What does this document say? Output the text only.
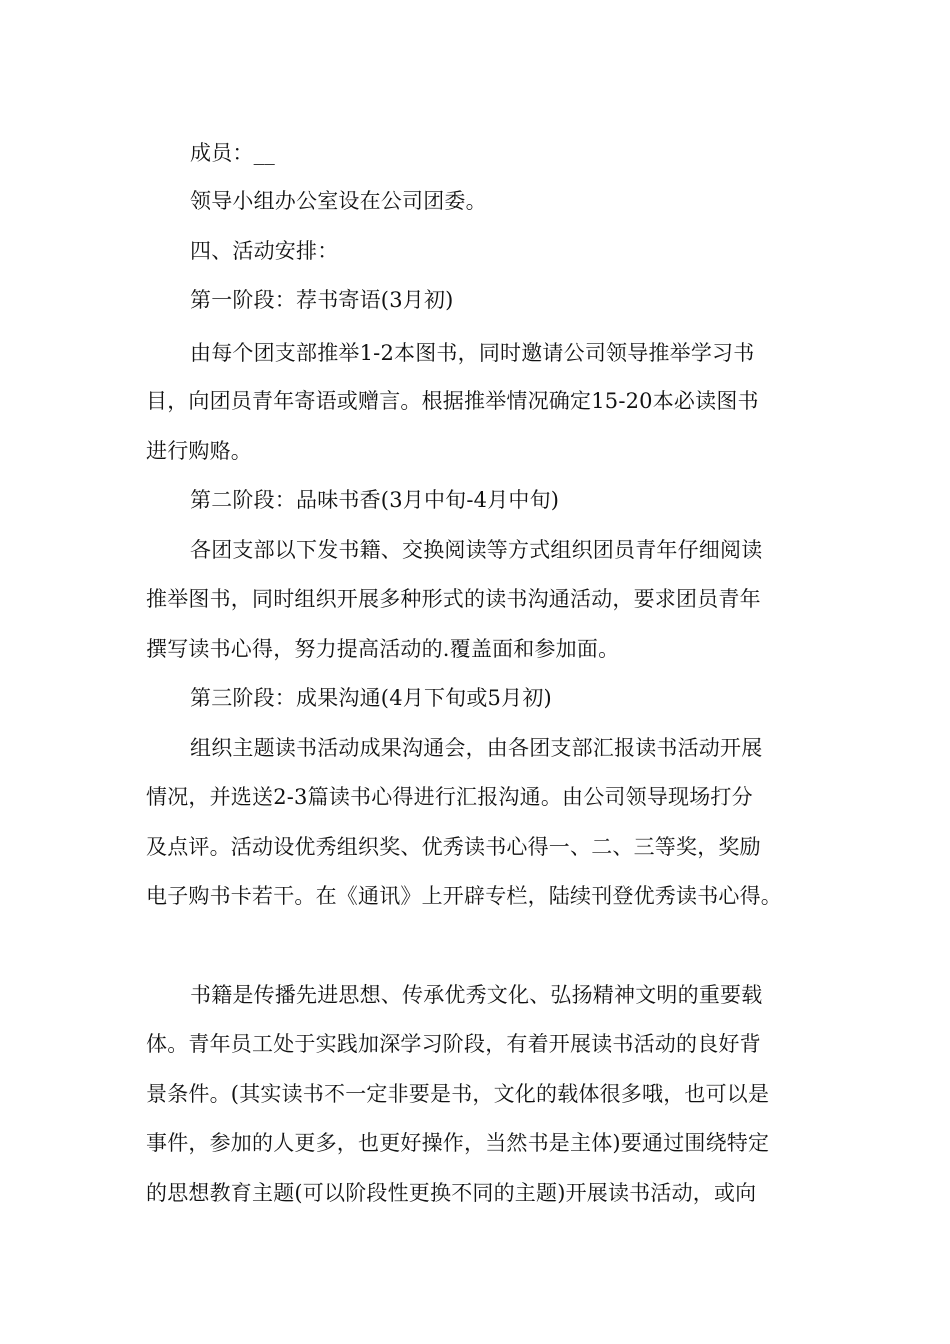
成员：__
领导小组办公室设在公司团委。
四、活动安排：
第一阶段：荐书寄语(3月初)
由每个团支部推举1-2本图书，同时邀请公司领导推举学习书
目，向团员青年寄语或赠言。根据推举情况确定15-20本必读图书
进行购赂。
第二阶段：品味书香(3月中旬-4月中旬)
各团支部以下发书籍、交换阅读等方式组织团员青年仔细阅读
推举图书，同时组织开展多种形式的读书沟通活动，要求团员青年
撰写读书心得，努力提高活动的.覆盖面和参加面。
第三阶段：成果沟通(4月下旬或5月初)
组织主题读书活动成果沟通会，由各团支部汇报读书活动开展
情况，并选送2-3篇读书心得进行汇报沟通。由公司领导现场打分
及点评。活动设优秀组织奖、优秀读书心得一、二、三等奖，奖励
电子购书卡若干。在《通讯》上开辟专栏，陆续刊登优秀读书心得。
书籍是传播先进思想、传承优秀文化、弘扬精神文明的重要载
体。青年员工处于实践加深学习阶段，有着开展读书活动的良好背
景条件。(其实读书不一定非要是书，文化的载体很多哦，也可以是
事件，参加的人更多，也更好操作，当然书是主体)要通过围绕特定
的思想教育主题(可以阶段性更换不同的主题)开展读书活动，或向
